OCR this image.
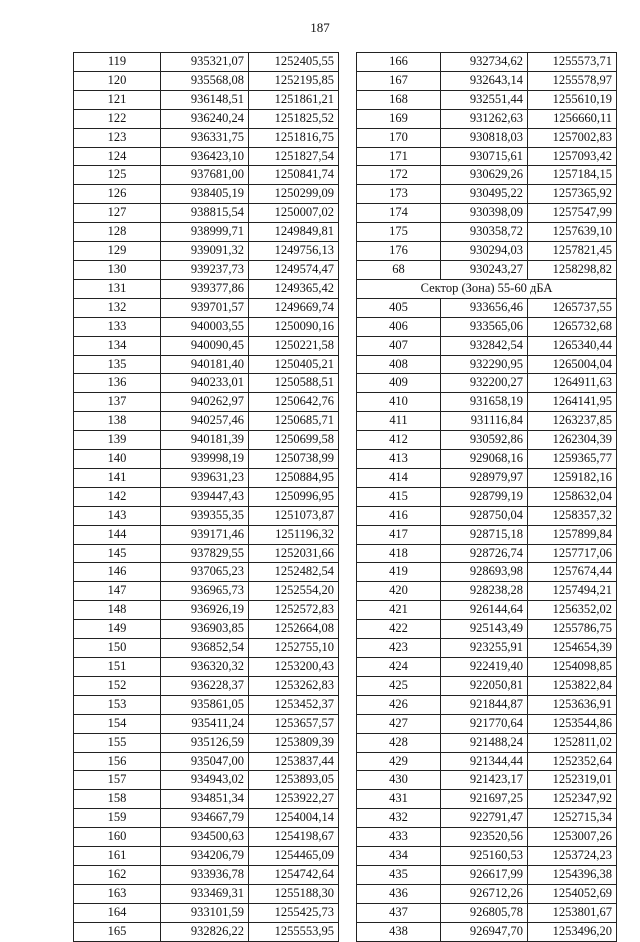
187
119	935321,07	1252405,55
120	935568,08	1252195,85
121	936148,51	1251861,21
122	936240,24	1251825,52
123	936331,75	1251816,75
124	936423,10	1251827,54
125	937681,00	1250841,74
126	938405,19	1250299,09
127	938815,54	1250007,02
128	938999,71	1249849,81
129	939091,32	1249756,13
130	939237,73	1249574,47
131	939377,86	1249365,42
132	939701,57	1249669,74
133	940003,55	1250090,16
134	940090,45	1250221,58
135	940181,40	1250405,21
136	940233,01	1250588,51
137	940262,97	1250642,76
138	940257,46	1250685,71
139	940181,39	1250699,58
140	939998,19	1250738,99
141	939631,23	1250884,95
142	939447,43	1250996,95
143	939355,35	1251073,87
144	939171,46	1251196,32
145	937829,55	1252031,66
146	937065,23	1252482,54
147	936965,73	1252554,20
148	936926,19	1252572,83
149	936903,85	1252664,08
150	936852,54	1252755,10
151	936320,32	1253200,43
152	936228,37	1253262,83
153	935861,05	1253452,37
154	935411,24	1253657,57
155	935126,59	1253809,39
156	935047,00	1253837,44
157	934943,02	1253893,05
158	934851,34	1253922,27
159	934667,79	1254004,14
160	934500,63	1254198,67
161	934206,79	1254465,09
162	933936,78	1254742,64
163	933469,31	1255188,30
164	933101,59	1255425,73
165	932826,22	1255553,95
166	932734,62	1255573,71
167	932643,14	1255578,97
168	932551,44	1255610,19
169	931262,63	1256660,11
170	930818,03	1257002,83
171	930715,61	1257093,42
172	930629,26	1257184,15
173	930495,22	1257365,92
174	930398,09	1257547,99
175	930358,72	1257639,10
176	930294,03	1257821,45
68	930243,27	1258298,82
Сектор (Зона) 55-60 дБА		
405	933656,46	1265737,55
406	933565,06	1265732,68
407	932842,54	1265340,44
408	932290,95	1265004,04
409	932200,27	1264911,63
410	931658,19	1264141,95
411	931116,84	1263237,85
412	930592,86	1262304,39
413	929068,16	1259365,77
414	928979,97	1259182,16
415	928799,19	1258632,04
416	928750,04	1258357,32
417	928715,18	1257899,84
418	928726,74	1257717,06
419	928693,98	1257674,44
420	928238,28	1257494,21
421	926144,64	1256352,02
422	925143,49	1255786,75
423	923255,91	1254654,39
424	922419,40	1254098,85
425	922050,81	1253822,84
426	921844,87	1253636,91
427	921770,64	1253544,86
428	921488,24	1252811,02
429	921344,44	1252352,64
430	921423,17	1252319,01
431	921697,25	1252347,92
432	922791,47	1252715,34
433	923520,56	1253007,26
434	925160,53	1253724,23
435	926617,99	1254396,38
436	926712,26	1254052,69
437	926805,78	1253801,67
438	926947,70	1253496,20
